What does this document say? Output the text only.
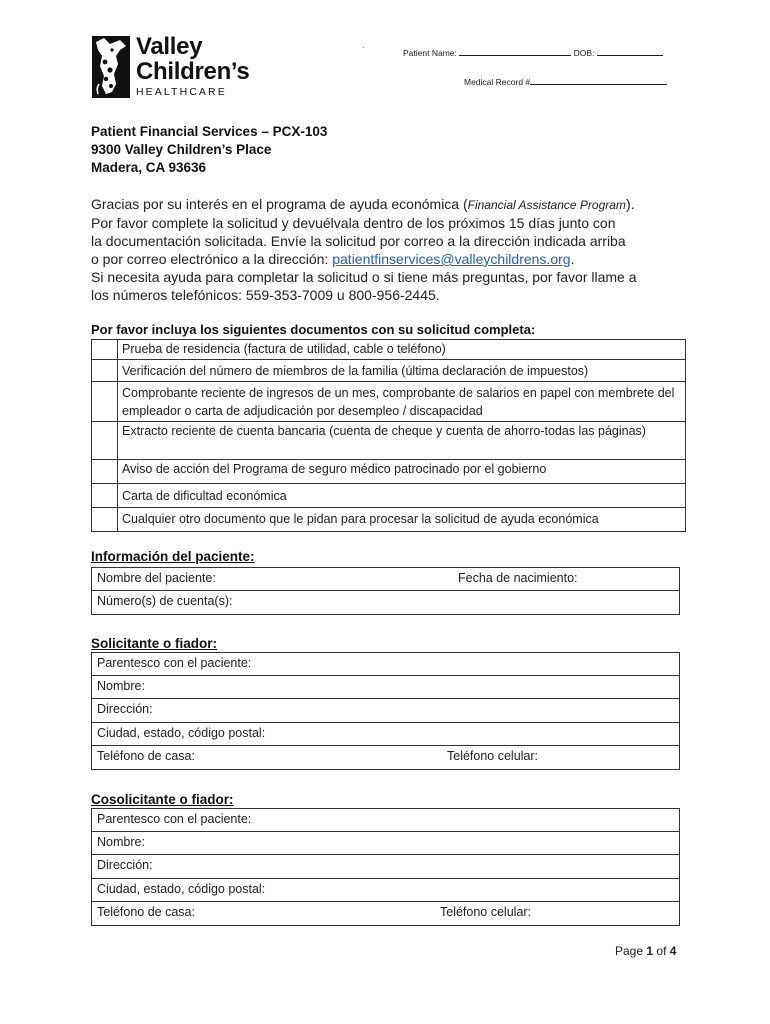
Valley
Children’s
HEALTHCARE
`	Patient Name:	DOB:
Medical Record #
Patient Financial Services – PCX-103
9300 Valley Children’s Place
Madera, CA 93636

Gracias por su interés en el programa de ayuda económica (Financial Assistance Program).

Por favor complete la solicitud y devuélvala dentro de los próximos 15 días junto con

la documentación solicitada. Envíe la solicitud por correo a la dirección indicada arriba

o por correo electrónico a la dirección: patientfinservices@valleychildrens.org.

Si necesita ayuda para completar la solicitud o si tiene más preguntas, por favor llame a

los números telefónicos: 559-353-7009 u 800-956-2445.

Por favor incluya los siguientes documentos con su solicitud completa:
	Prueba de residencia (factura de utilidad, cable o teléfono)
	Verificación del número de miembros de la familia (última declaración de impuestos)
	Comprobante reciente de ingresos de un mes, comprobante de salarios en papel con membrete del empleador o carta de adjudicación por desempleo / discapacidad
	Extracto reciente de cuenta bancaria (cuenta de cheque y cuenta de ahorro-todas las páginas)
	Aviso de acción del Programa de seguro médico patrocinado por el gobierno
	Carta de dificultad económica
	Cualquier otro documento que le pidan para procesar la solicitud de ayuda económica
Información del paciente:
Nombre del paciente:	Fecha de nacimiento:
Número(s) de cuenta(s):
Solicitante o fiador:
Parentesco con el paciente:
Nombre:
Dirección:
Ciudad, estado, código postal:
Teléfono de casa:	Teléfono celular:
Cosolicitante o fiador:
Parentesco con el paciente:
Nombre:
Dirección:
Ciudad, estado, código postal:
Teléfono de casa:	Teléfono celular:
Page 1 of 4
